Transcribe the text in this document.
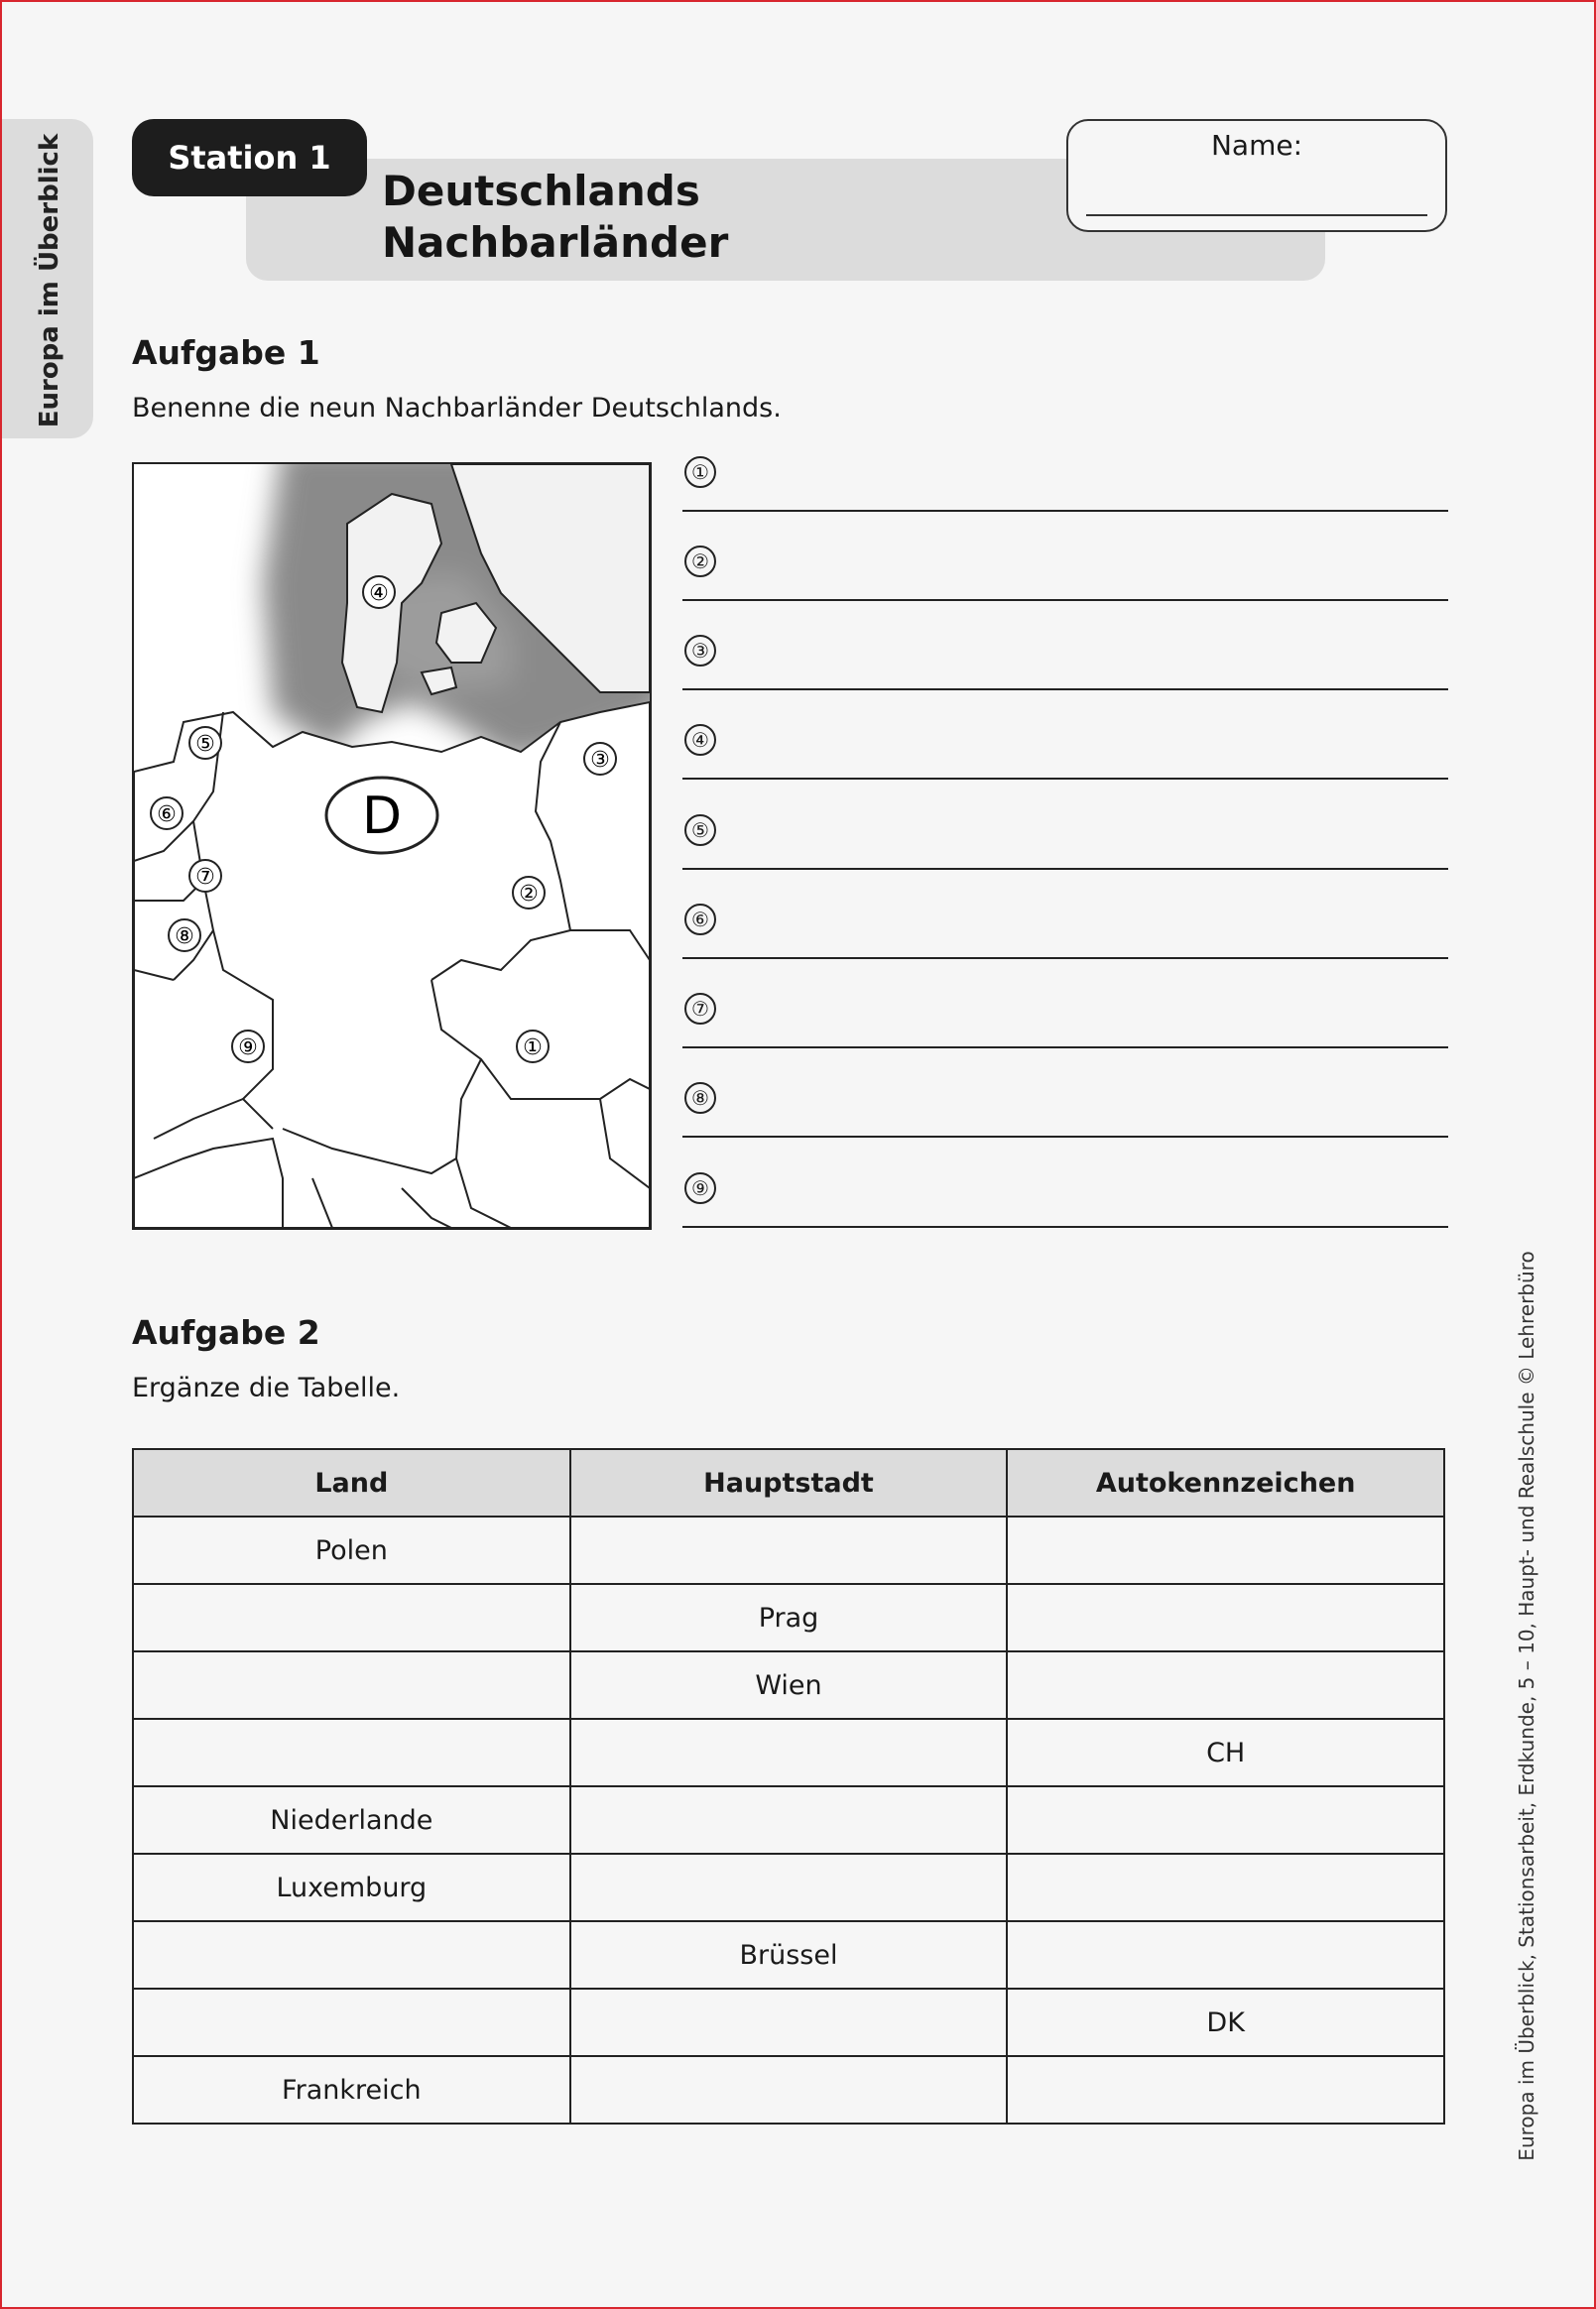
Europa im Überblick	Station 1
Deutschlands
Nachbarländer
Name:
Aufgabe 1
Benenne die neun Nachbarländer Deutschlands.
④
⑤
③
⑥
⑦
②
⑧
⑨	①
D
①
②
③
④
⑤
⑥
⑦
⑧
⑨
Aufgabe 2
Ergänze die Tabelle.
Land	Hauptstadt	Autokennzeichen
Polen		
	Prag	
	Wien	
		CH
Niederlande		
Luxemburg		
	Brüssel	
		DK
Frankreich			Europa im Überblick, Stationsarbeit, Erdkunde, 5 – 10, Haupt- und Realschule © Lehrerbüro
